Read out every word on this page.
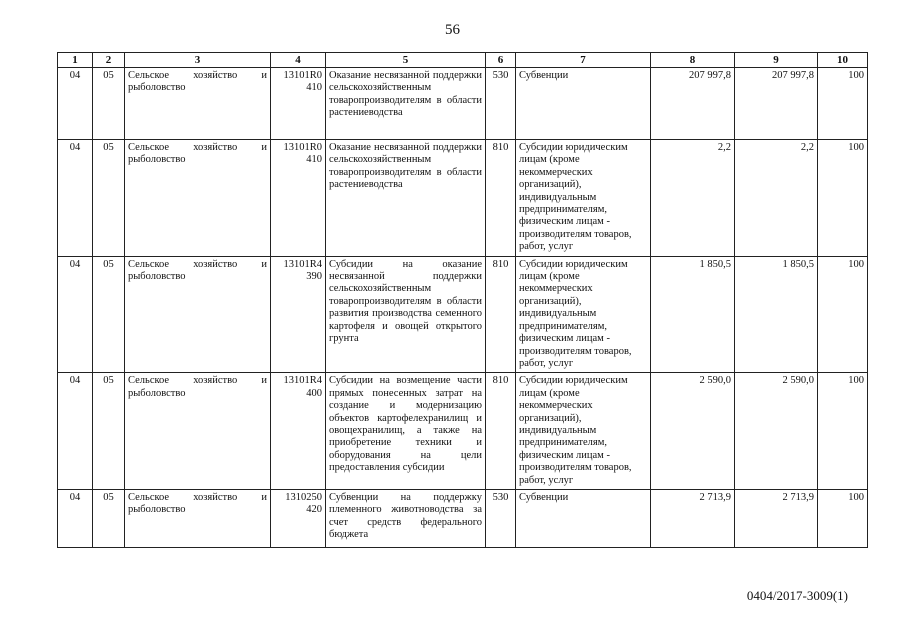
56
1	2	3	4	5	6	7	8	9	10
04	05	Сельское хозяйство и рыболовство	13101R0 410	Оказание несвязанной поддержки сельскохозяйственным товаропроизводителям в области растениеводства	530	Субвенции	207 997,8	207 997,8	100
04	05	Сельское хозяйство и рыболовство	13101R0 410	Оказание несвязанной поддержки сельскохозяйственным товаропроизводителям в области растениеводства	810	Субсидии юридическим лицам (кроме некоммерческих организаций), индивидуальным предпринимателям, физическим лицам - производителям товаров, работ, услуг	2,2	2,2	100
04	05	Сельское хозяйство и рыболовство	13101R4 390	Субсидии на оказание несвязанной поддержки сельскохозяйственным товаропроизводителям в области развития производства семенного картофеля и овощей открытого грунта	810	Субсидии юридическим лицам (кроме некоммерческих организаций), индивидуальным предпринимателям, физическим лицам - производителям товаров, работ, услуг	1 850,5	1 850,5	100
04	05	Сельское хозяйство и рыболовство	13101R4 400	Субсидии на возмещение части прямых понесенных затрат на создание и модернизацию объектов картофелехранилищ и овощехранилищ, а также на приобретение техники и оборудования на цели предоставления субсидии	810	Субсидии юридическим лицам (кроме некоммерческих организаций), индивидуальным предпринимателям, физическим лицам - производителям товаров, работ, услуг	2 590,0	2 590,0	100
04	05	Сельское хозяйство и рыболовство	1310250 420	Субвенции на поддержку племенного животноводства за счет средств федерального бюджета	530	Субвенции	2 713,9	2 713,9	100
0404/2017-3009(1)
